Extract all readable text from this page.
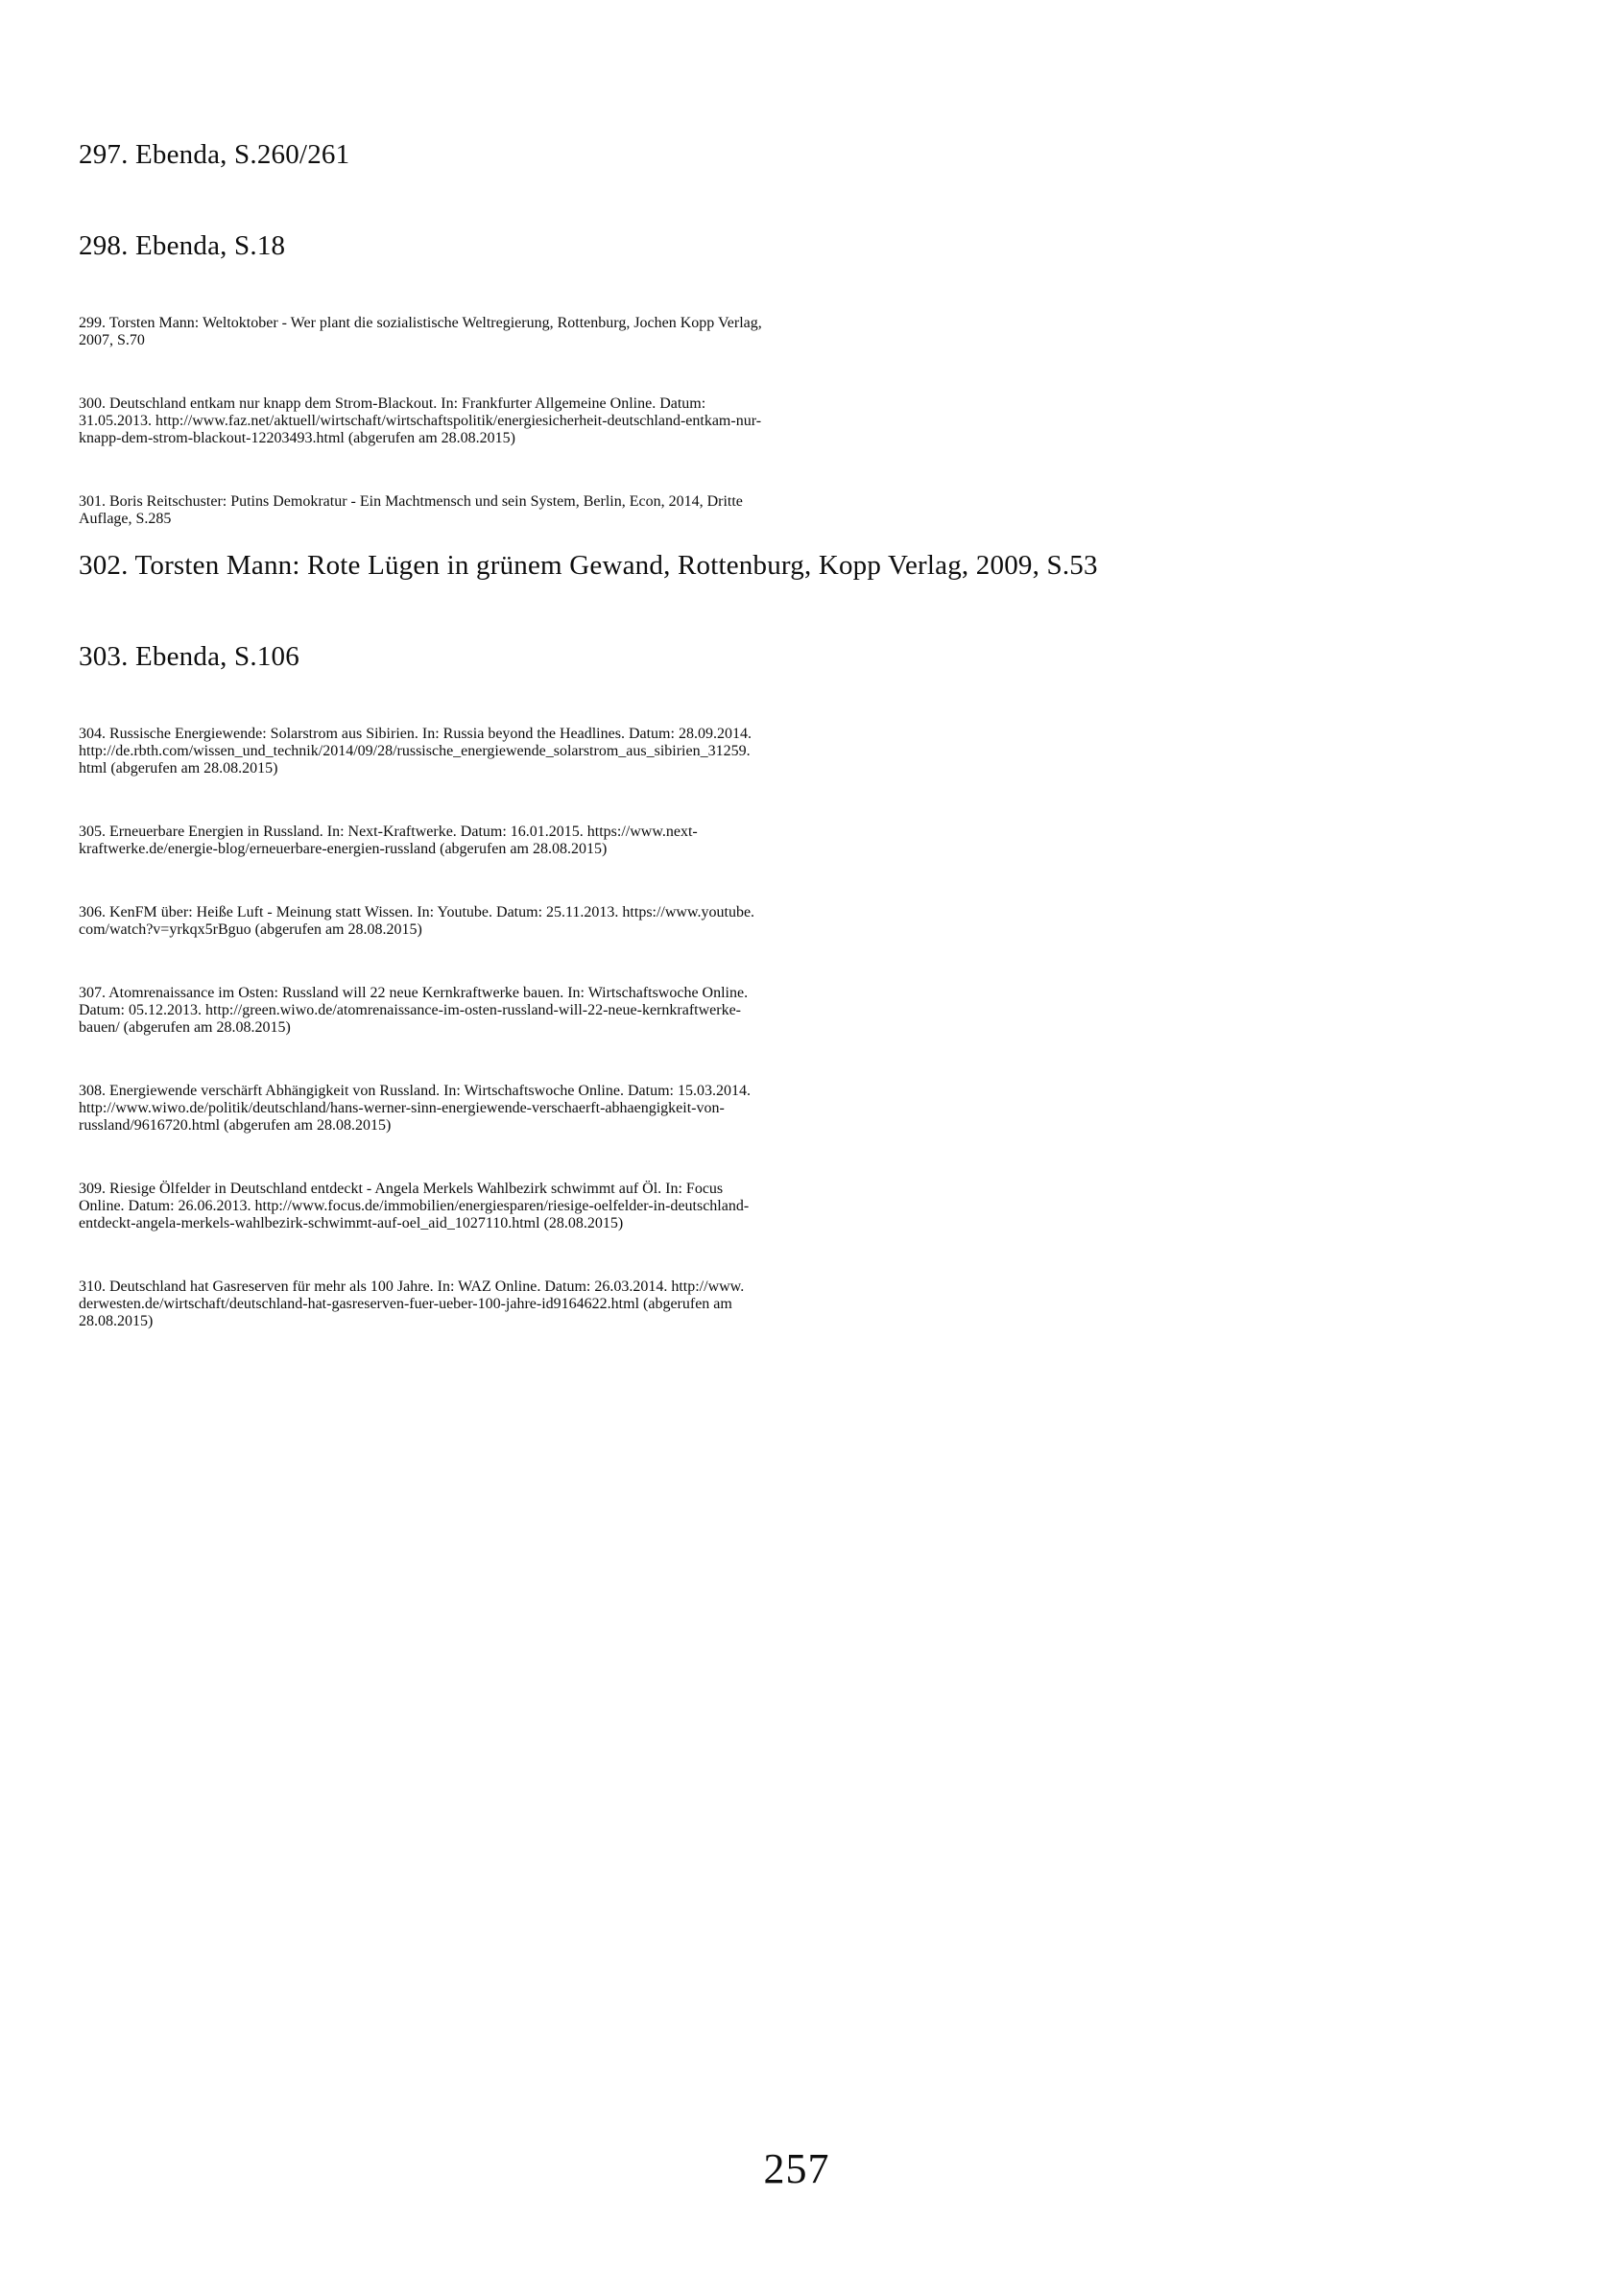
297. Ebenda, S.260/261

298. Ebenda, S.18

299. Torsten Mann: Weltoktober - Wer plant die sozialistische Weltregierung, Rottenburg, Jochen Kopp Verlag,
2007, S.70

300. Deutschland entkam nur knapp dem Strom-Blackout. In: Frankfurter Allgemeine Online. Datum:
31.05.2013. http://www.faz.net/aktuell/wirtschaft/wirtschaftspolitik/energiesicherheit-deutschland-entkam-nur-
knapp-dem-strom-blackout-12203493.html (abgerufen am 28.08.2015)

301. Boris Reitschuster: Putins Demokratur - Ein Machtmensch und sein System, Berlin, Econ, 2014, Dritte
Auflage, S.285

302. Torsten Mann: Rote Lügen in grünem Gewand, Rottenburg, Kopp Verlag, 2009, S.53

303. Ebenda, S.106

304. Russische Energiewende: Solarstrom aus Sibirien. In: Russia beyond the Headlines. Datum: 28.09.2014.
http://de.rbth.com/wissen_und_technik/2014/09/28/russische_energiewende_solarstrom_aus_sibirien_31259.
html (abgerufen am 28.08.2015)

305. Erneuerbare Energien in Russland. In: Next-Kraftwerke. Datum: 16.01.2015. https://www.next-
kraftwerke.de/energie-blog/erneuerbare-energien-russland (abgerufen am 28.08.2015)

306. KenFM über: Heiße Luft - Meinung statt Wissen. In: Youtube. Datum: 25.11.2013. https://www.youtube.
com/watch?v=yrkqx5rBguo (abgerufen am 28.08.2015)

307. Atomrenaissance im Osten: Russland will 22 neue Kernkraftwerke bauen. In: Wirtschaftswoche Online.
Datum: 05.12.2013. http://green.wiwo.de/atomrenaissance-im-osten-russland-will-22-neue-kernkraftwerke-
bauen/ (abgerufen am 28.08.2015)

308. Energiewende verschärft Abhängigkeit von Russland. In: Wirtschaftswoche Online. Datum: 15.03.2014.
http://www.wiwo.de/politik/deutschland/hans-werner-sinn-energiewende-verschaerft-abhaengigkeit-von-
russland/9616720.html (abgerufen am 28.08.2015)

309. Riesige Ölfelder in Deutschland entdeckt - Angela Merkels Wahlbezirk schwimmt auf Öl. In: Focus
Online. Datum: 26.06.2013. http://www.focus.de/immobilien/energiesparen/riesige-oelfelder-in-deutschland-
entdeckt-angela-merkels-wahlbezirk-schwimmt-auf-oel_aid_1027110.html (28.08.2015)

310. Deutschland hat Gasreserven für mehr als 100 Jahre. In: WAZ Online. Datum: 26.03.2014. http://www.
derwesten.de/wirtschaft/deutschland-hat-gasreserven-fuer-ueber-100-jahre-id9164622.html (abgerufen am
28.08.2015)

257
